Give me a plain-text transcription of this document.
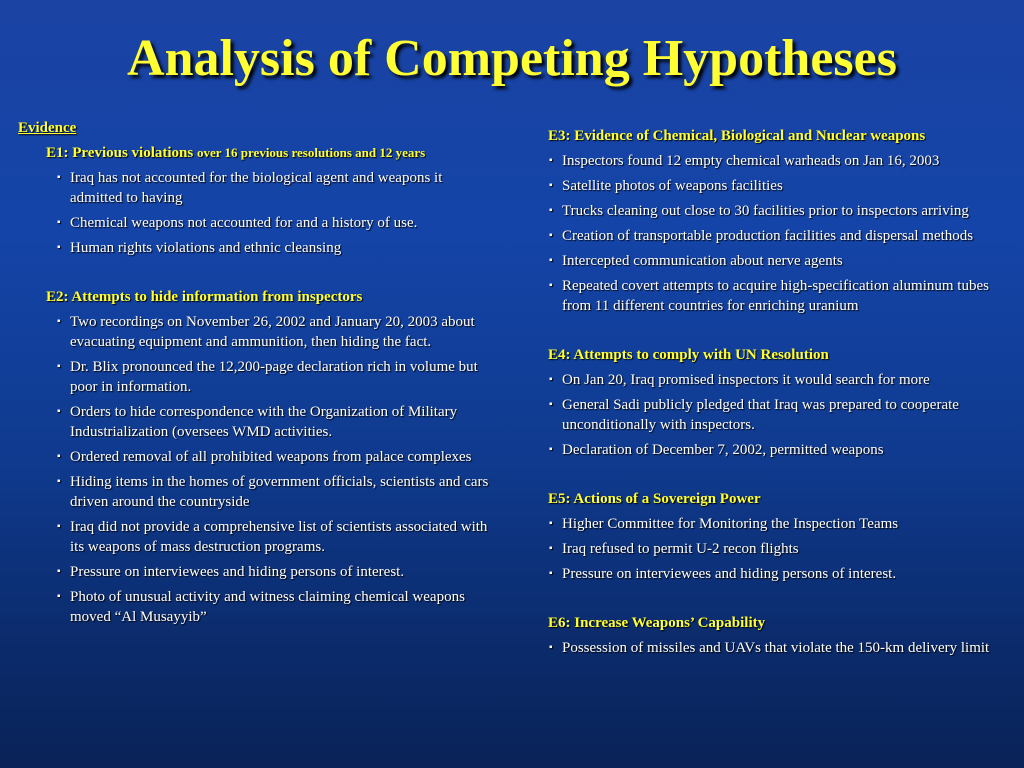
Analysis of Competing Hypotheses
Evidence
E1: Previous violations over 16 previous resolutions and 12 years
▪ Iraq has not accounted for the biological agent and weapons it admitted to having
▪ Chemical weapons not accounted for and a history of use.
▪ Human rights violations and ethnic cleansing
E2: Attempts to hide information from inspectors
▪ Two recordings on November 26, 2002 and January 20, 2003 about evacuating equipment and ammunition, then hiding the fact.
▪ Dr. Blix pronounced the 12,200-page declaration rich in volume but poor in information.
▪ Orders to hide correspondence with the Organization of Military Industrialization (oversees WMD activities.
▪ Ordered removal of all prohibited weapons from palace complexes
▪ Hiding items in the homes of government officials, scientists and cars driven around the countryside
▪ Iraq did not provide a comprehensive list of scientists associated with its weapons of mass destruction programs.
▪ Pressure on interviewees and hiding persons of interest.
▪ Photo of unusual activity and witness claiming chemical weapons moved “Al Musayyib”
E3: Evidence of Chemical, Biological and Nuclear weapons
▪ Inspectors found 12 empty chemical warheads on Jan 16, 2003
▪ Satellite photos of weapons facilities
▪ Trucks cleaning out close to 30 facilities prior to inspectors arriving
▪ Creation of transportable production facilities and dispersal methods
▪ Intercepted communication about nerve agents
▪ Repeated covert attempts to acquire high-specification aluminum tubes from 11 different countries for enriching uranium
E4: Attempts to comply with UN Resolution
▪ On Jan 20, Iraq promised inspectors it would search for more
▪ General Sadi publicly pledged that Iraq was prepared to cooperate unconditionally with inspectors.
▪ Declaration of December 7, 2002, permitted weapons
E5: Actions of a Sovereign Power
▪ Higher Committee for Monitoring the Inspection Teams
▪ Iraq refused to permit U-2 recon flights
▪ Pressure on interviewees and hiding persons of interest.
E6: Increase Weapons’ Capability
▪ Possession of missiles and UAVs that violate the 150-km delivery limit
